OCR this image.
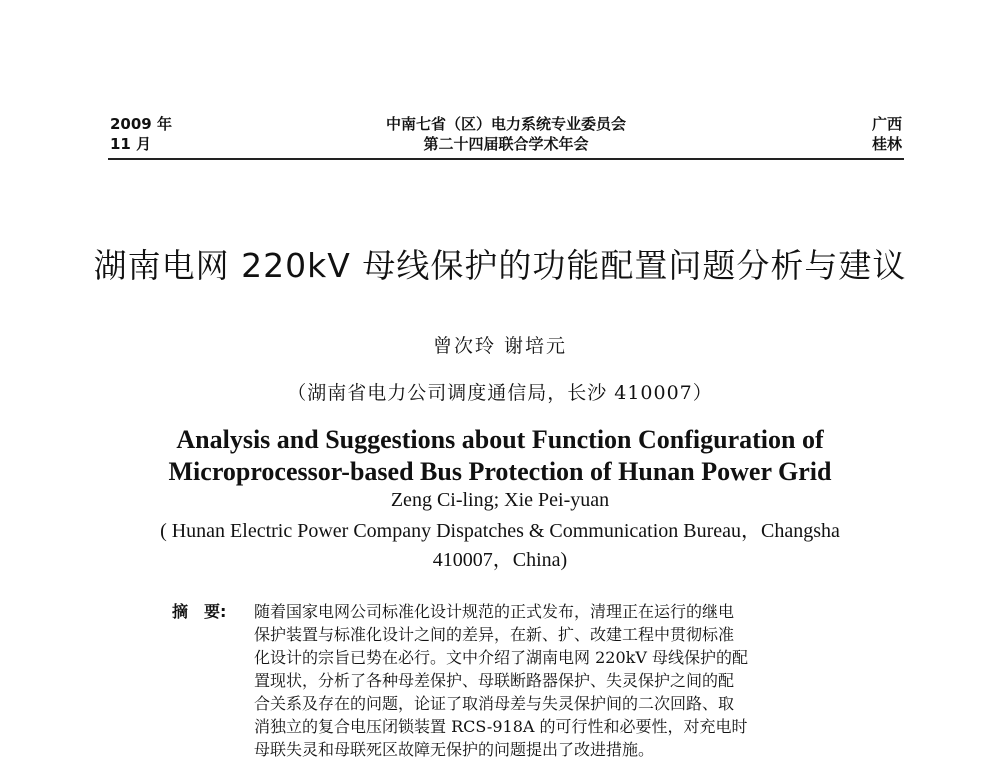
2009 年
11 月
中南七省（区）电力系统专业委员会
第二十四届联合学术年会
广西
桂林
湖南电网 220kV 母线保护的功能配置问题分析与建议
曾次玲 谢培元
（湖南省电力公司调度通信局，长沙 410007）
Analysis and Suggestions about Function Configuration of
Microprocessor-based Bus Protection of Hunan Power Grid
Zeng Ci-ling; Xie Pei-yuan
( Hunan Electric Power Company Dispatches & Communication Bureau，Changsha
410007，China)
摘　要: 随着国家电网公司标准化设计规范的正式发布，清理正在运行的继电
保护装置与标准化设计之间的差异，在新、扩、改建工程中贯彻标准
化设计的宗旨已势在必行。文中介绍了湖南电网 220kV 母线保护的配
置现状，分析了各种母差保护、母联断路器保护、失灵保护之间的配
合关系及存在的问题，论证了取消母差与失灵保护间的二次回路、取
消独立的复合电压闭锁装置 RCS-918A 的可行性和必要性，对充电时
母联失灵和母联死区故障无保护的问题提出了改进措施。
